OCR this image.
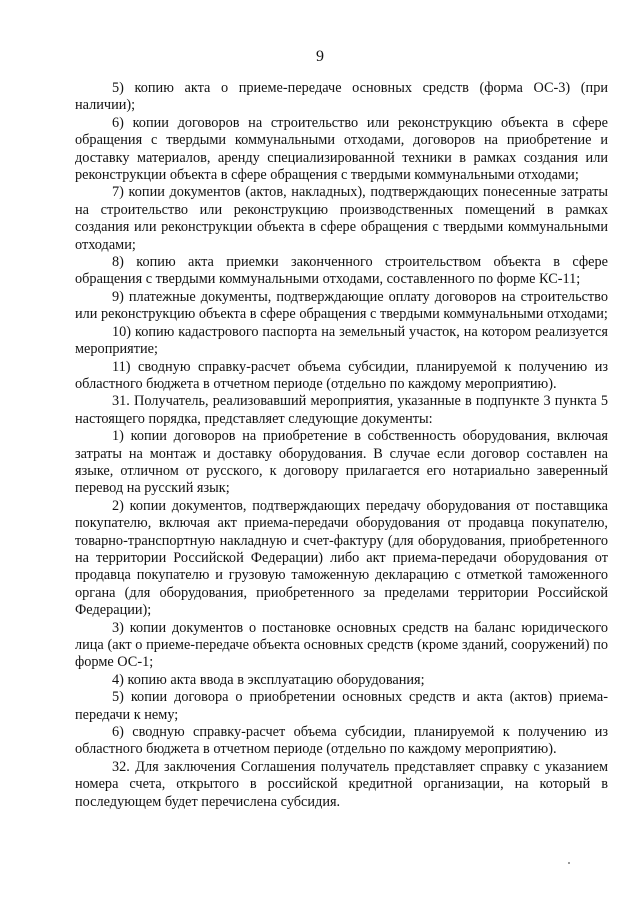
9

5) копию акта о приеме-передаче основных средств (форма ОС-3) (при наличии);

6) копии договоров на строительство или реконструкцию объекта в сфере обращения с твердыми коммунальными отходами, договоров на приобретение и доставку материалов, аренду специализированной техники в рамках создания или реконструкции объекта в сфере обращения с твердыми коммунальными отходами;

7) копии документов (актов, накладных), подтверждающих понесенные затраты на строительство или реконструкцию производственных помещений в рамках создания или реконструкции объекта в сфере обращения с твердыми коммунальными отходами;

8) копию акта приемки законченного строительством объекта в сфере обращения с твердыми коммунальными отходами, составленного по форме КС-11;

9) платежные документы, подтверждающие оплату договоров на строительство или реконструкцию объекта в сфере обращения с твердыми коммунальными отходами;

10) копию кадастрового паспорта на земельный участок, на котором реализуется мероприятие;

11) сводную справку-расчет объема субсидии, планируемой к получению из областного бюджета в отчетном периоде (отдельно по каждому мероприятию).

31. Получатель, реализовавший мероприятия, указанные в подпункте 3 пункта 5 настоящего порядка, представляет следующие документы:

1) копии договоров на приобретение в собственность оборудования, включая затраты на монтаж и доставку оборудования. В случае если договор составлен на языке, отличном от русского, к договору прилагается его нотариально заверенный перевод на русский язык;

2) копии документов, подтверждающих передачу оборудования от поставщика покупателю, включая акт приема-передачи оборудования от продавца покупателю, товарно-транспортную накладную и счет-фактуру (для оборудования, приобретенного на территории Российской Федерации) либо акт приема-передачи оборудования от продавца покупателю и грузовую таможенную декларацию с отметкой таможенного органа (для оборудования, приобретенного за пределами территории Российской Федерации);

3) копии документов о постановке основных средств на баланс юридического лица (акт о приеме-передаче объекта основных средств (кроме зданий, сооружений) по форме ОС-1;

4) копию акта ввода в эксплуатацию оборудования;

5) копии договора о приобретении основных средств и акта (актов) приема-передачи к нему;

6) сводную справку-расчет объема субсидии, планируемой к получению из областного бюджета в отчетном периоде (отдельно по каждому мероприятию).

32. Для заключения Соглашения получатель представляет справку с указанием номера счета, открытого в российской кредитной организации, на который в последующем будет перечислена субсидия.
